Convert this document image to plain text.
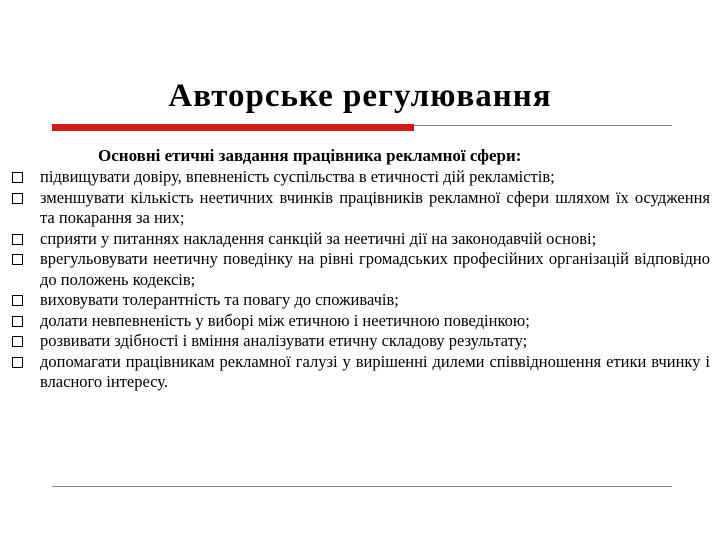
Авторське регулювання
Основні етичні завдання працівника рекламної сфери:
підвищувати довіру, впевненість суспільства в етичності дій рекламістів;
зменшувати кількість неетичних вчинків працівників рекламної сфери шляхом їх осудження та покарання за них;
сприяти у питаннях накладення санкцій за неетичні дії на законодавчій основі;
врегульовувати неетичну поведінку на рівні громадських професійних організацій відповідно до положень кодексів;
виховувати толерантність та повагу до споживачів;
долати невпевненість у виборі між етичною і неетичною поведінкою;
розвивати здібності і вміння аналізувати етичну складову результату;
допомагати працівникам рекламної галузі у вирішенні дилеми співвідношення етики вчинку і власного інтересу.
